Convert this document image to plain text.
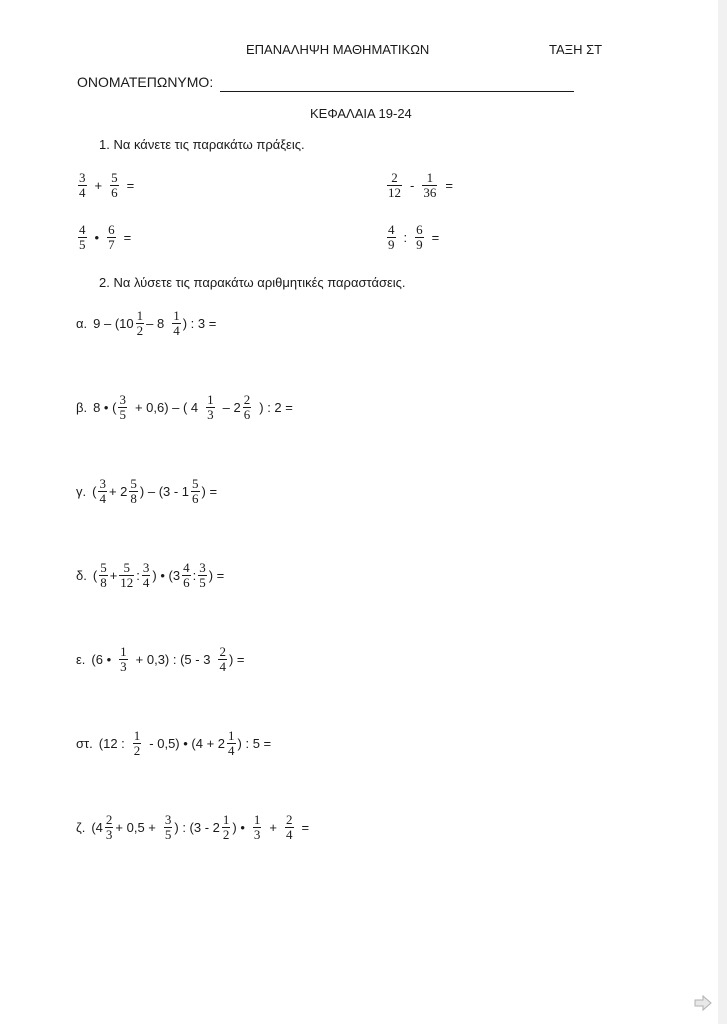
ΕΠΑΝΑΛΗΨΗ ΜΑΘΗΜΑΤΙΚΩΝ	ΤΑΞΗ ΣΤ
ΟΝΟΜΑΤΕΠΩΝΥΜΟ:
ΚΕΦΑΛΑΙΑ 19-24
1. Να κάνετε τις παρακάτω πράξεις.
$\frac{3}{4} + \frac{5}{6}$ =	$\frac{2}{12} - \frac{1}{36}$ =
$\frac{4}{5}$ • $\frac{6}{7}$ =	$\frac{4}{9}$ : $\frac{6}{9}$ =
2. Να λύσετε τις παρακάτω αριθμητικές παραστάσεις.
α. $9 - (10 \frac{1}{2} - 8 \frac{1}{4}$ ) : 3 =
β. 8 • ( $\frac{3}{5} + 0,6$) – ( $4 \frac{1}{3} - 2 \frac{2}{6}$ ) : 2 =
γ. ( $\frac{3}{4} + 2 \frac{5}{8}$ ) – ($3 - 1 \frac{5}{6}$ ) =
δ. ( $\frac{5}{8} + \frac{5}{12}$ : $\frac{3}{4}$ ) • ($3 \frac{4}{6}$ : $\frac{3}{5}$ ) =
ε. (6 • $\frac{1}{3} + 0,3$) : ($5 - 3 \frac{2}{4}$ ) =
στ. (12 : $\frac{1}{2} - 0,5$) • ($4 + 2 \frac{1}{4}$ ) : 5 =
ζ. ($4 \frac{2}{3} + 0,5 + \frac{3}{5}$ ) : ($3 - 2 \frac{1}{2}$ ) • $\frac{1}{3} + \frac{2}{4}$ =
